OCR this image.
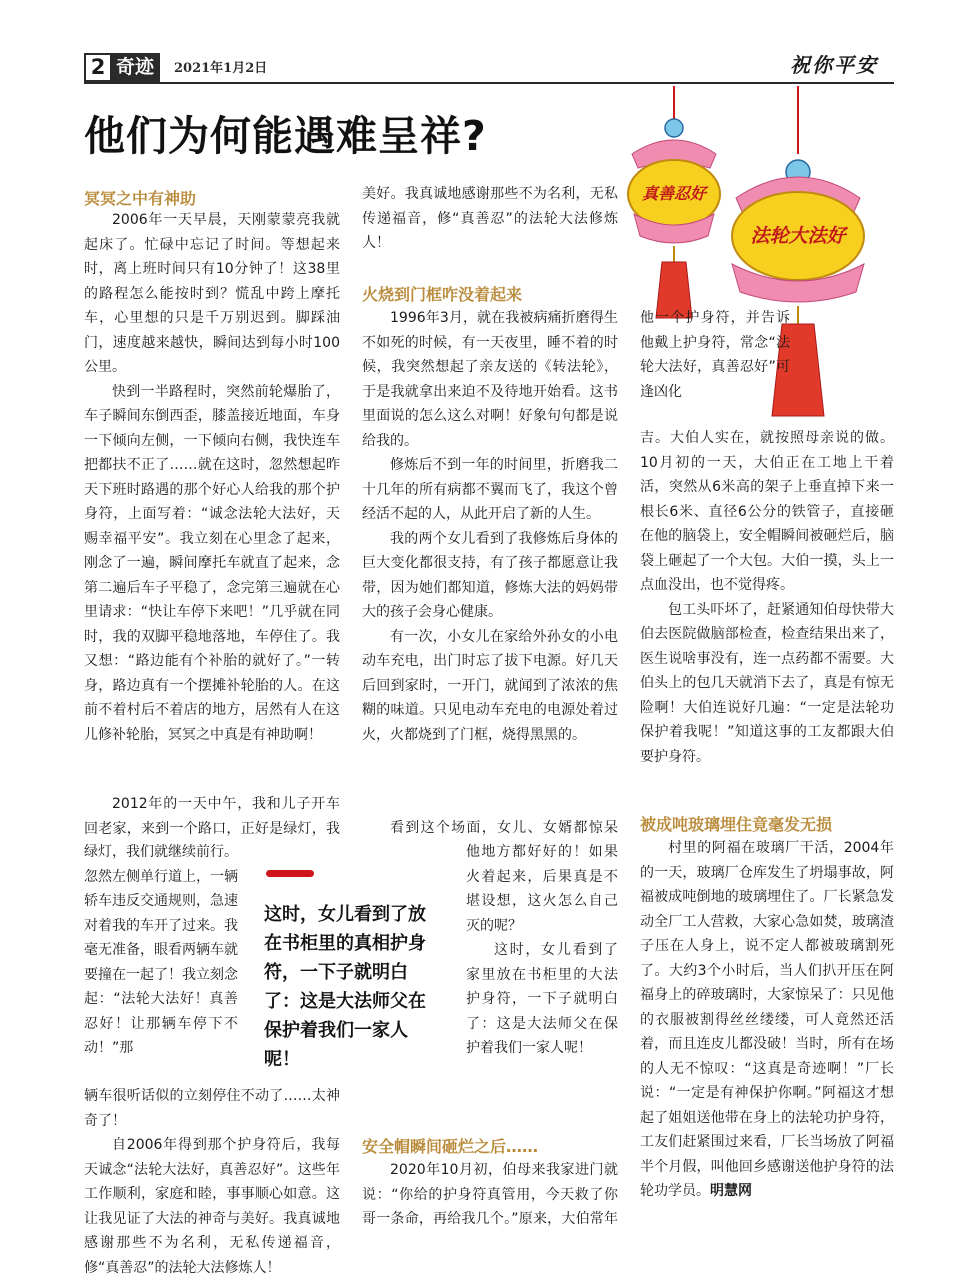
2 奇迹	2021年1月2日	祝你平安
他们为何能遇难呈祥?
真善忍好
法轮大法好
冥冥之中有神助

2006年一天早晨，天刚蒙蒙亮我就起床了。忙碌中忘记了时间。等想起来时，离上班时间只有10分钟了！这38里的路程怎么能按时到？慌乱中跨上摩托车，心里想的只是千万别迟到。脚踩油门，速度越来越快，瞬间达到每小时100公里。

快到一半路程时，突然前轮爆胎了，车子瞬间东倒西歪，膝盖接近地面，车身一下倾向左侧，一下倾向右侧，我快连车把都扶不正了……就在这时，忽然想起昨天下班时路遇的那个好心人给我的那个护身符，上面写着：“诚念法轮大法好，天赐幸福平安”。我立刻在心里念了起来，刚念了一遍，瞬间摩托车就直了起来，念第二遍后车子平稳了，念完第三遍就在心里请求：“快让车停下来吧！”几乎就在同时，我的双脚平稳地落地，车停住了。我又想：“路边能有个补胎的就好了。”一转身，路边真有一个摆摊补轮胎的人。在这前不着村后不着店的地方，居然有人在这儿修补轮胎，冥冥之中真是有神助啊！

2012年的一天中午，我和儿子开车回老家，来到一个路口，正好是绿灯，我

绿灯，我们就继续前行。忽然左侧单行道上，一辆轿车违反交通规则，急速对着我的车开了过来。我毫无准备，眼看两辆车就要撞在一起了！我立刻念起：“法轮大法好！真善忍好！让那辆车停下不动！”那

辆车很听话似的立刻停住不动了……太神奇了！

自2006年得到那个护身符后，我每天诚念“法轮大法好，真善忍好”。这些年工作顺利，家庭和睦，事事顺心如意。这让我见证了大法的神奇与美好。我真诚地感谢那些不为名利，无私传递福音，修“真善忍”的法轮大法修炼人！

这时，女儿看到了放在书柜里的真相护身符，一下子就明白了：这是大法师父在保护着我们一家人呢！

美好。我真诚地感谢那些不为名利，无私传递福音，修“真善忍”的法轮大法修炼人！

火烧到门框咋没着起来

1996年3月，就在我被病痛折磨得生不如死的时候，有一天夜里，睡不着的时候，我突然想起了亲友送的《转法轮》，于是我就拿出来迫不及待地开始看。这书里面说的怎么这么对啊！好象句句都是说给我的。

修炼后不到一年的时间里，折磨我二十几年的所有病都不翼而飞了，我这个曾经活不起的人，从此开启了新的人生。

我的两个女儿看到了我修炼后身体的巨大变化都很支持，有了孩子都愿意让我带，因为她们都知道，修炼大法的妈妈带大的孩子会身心健康。

有一次，小女儿在家给外孙女的小电动车充电，出门时忘了拔下电源。好几天后回到家时，一开门，就闻到了浓浓的焦糊的味道。只见电动车充电的电源处着过火，火都烧到了门框，烧得黑黑的。

看到这个场面，女儿、女婿都惊呆

他地方都好好的！如果火着起来，后果真是不堪设想，这火怎么自己灭的呢？

这时，女儿看到了家里放在书柜里的大法护身符，一下子就明白了：这是大法师父在保护着我们一家人呢！

安全帽瞬间砸烂之后……

2020年10月初，伯母来我家进门就说：“你给的护身符真管用，今天救了你哥一条命，再给我几个。”原来，大伯常年

他一个护身符，并告诉他戴上护身符，常念“法轮大法好，真善忍好”可逢凶化

吉。大伯人实在，就按照母亲说的做。10月初的一天，大伯正在工地上干着活，突然从6米高的架子上垂直掉下来一根长6米、直径6公分的铁管子，直接砸在他的脑袋上，安全帽瞬间被砸烂后，脑袋上砸起了一个大包。大伯一摸，头上一点血没出，也不觉得疼。

包工头吓坏了，赶紧通知伯母快带大伯去医院做脑部检查，检查结果出来了，医生说啥事没有，连一点药都不需要。大伯头上的包几天就消下去了，真是有惊无险啊！大伯连说好几遍：“一定是法轮功保护着我呢！”知道这事的工友都跟大伯要护身符。

被成吨玻璃埋住竟毫发无损

村里的阿福在玻璃厂干活，2004年的一天，玻璃厂仓库发生了坍塌事故，阿福被成吨倒地的玻璃埋住了。厂长紧急发动全厂工人营救，大家心急如焚，玻璃渣子压在人身上，说不定人都被玻璃割死了。大约3个小时后，当人们扒开压在阿福身上的碎玻璃时，大家惊呆了：只见他的衣服被割得丝丝缕缕，可人竟然还活着，而且连皮儿都没破！当时，所有在场的人无不惊叹：“这真是奇迹啊！”厂长说：“一定是有神保护你啊。”阿福这才想起了姐姐送他带在身上的法轮功护身符，工友们赶紧围过来看，厂长当场放了阿福半个月假，叫他回乡感谢送他护身符的法轮功学员。明慧网
